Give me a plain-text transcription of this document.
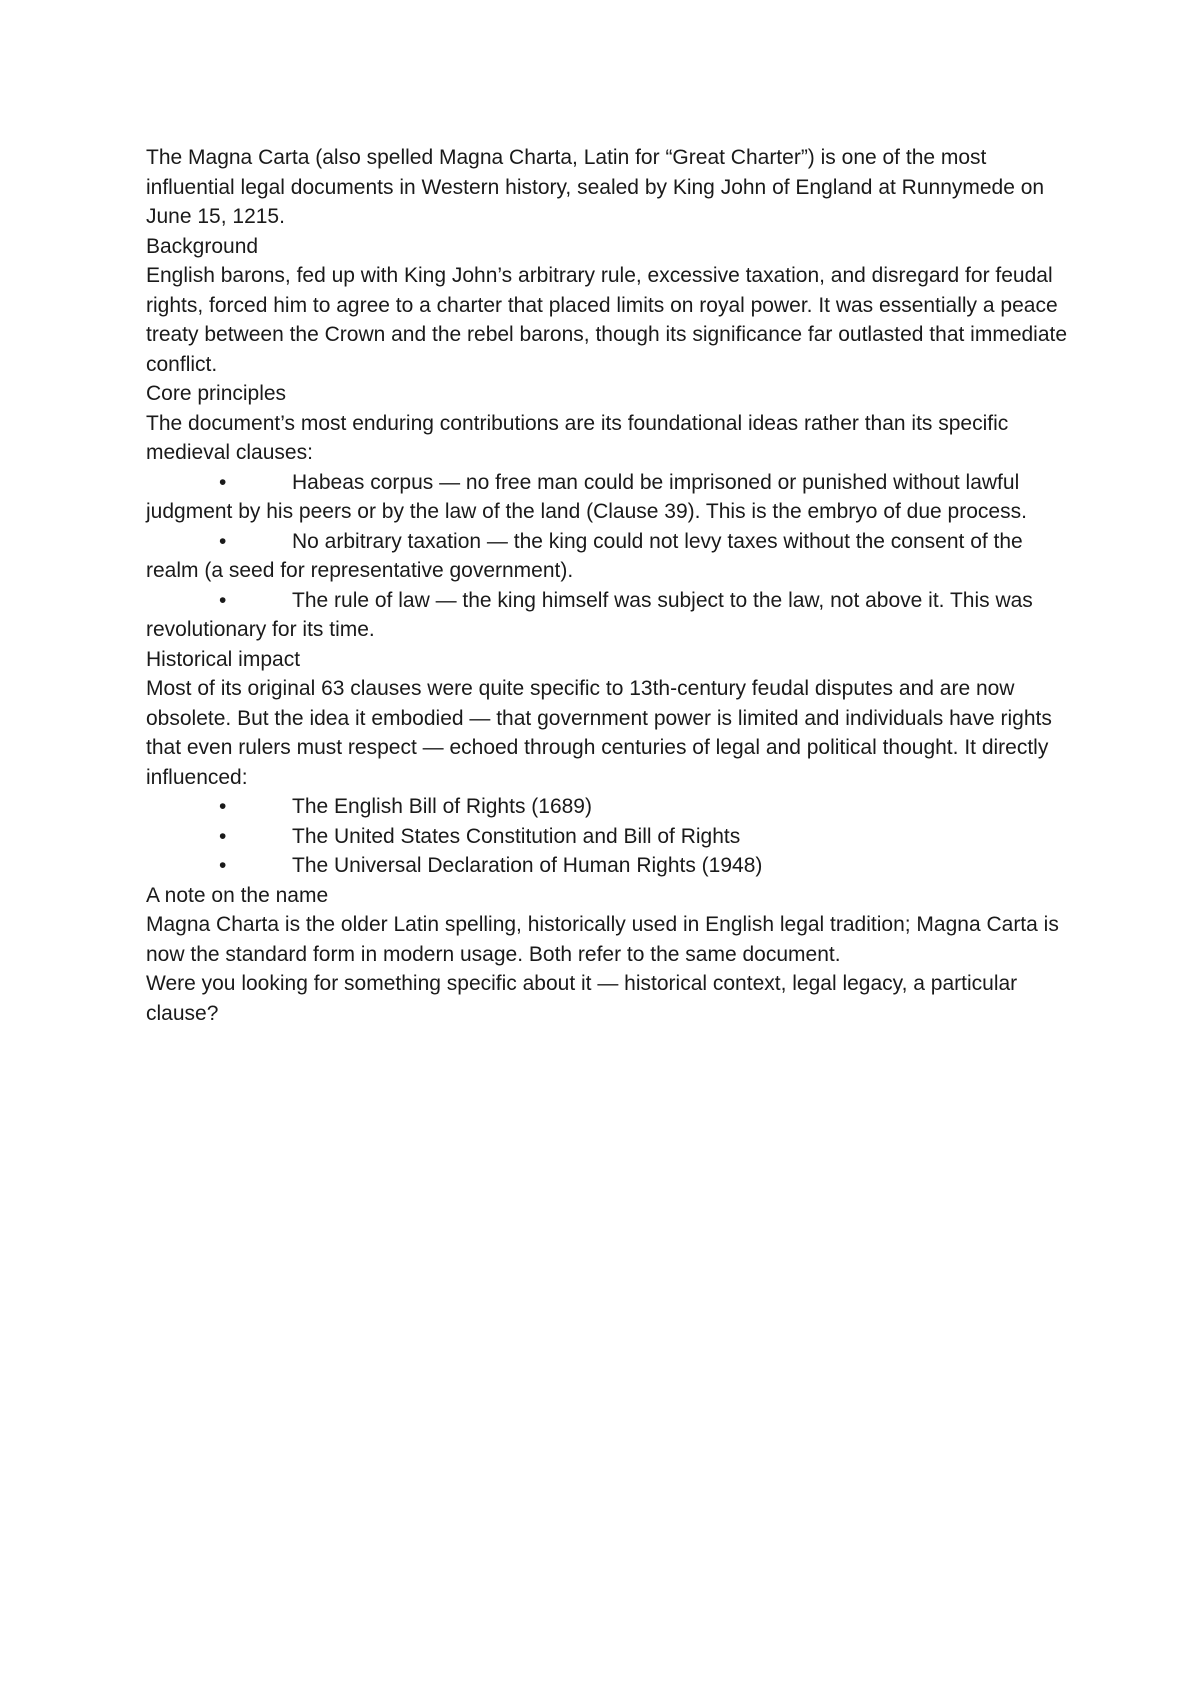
The Magna Carta (also spelled Magna Charta, Latin for “Great Charter”) is one of the most influential legal documents in Western history, sealed by King John of England at Runnymede on June 15, 1215.

Background

English barons, fed up with King John’s arbitrary rule, excessive taxation, and disregard for feudal rights, forced him to agree to a charter that placed limits on royal power. It was essentially a peace treaty between the Crown and the rebel barons, though its significance far outlasted that immediate conflict.

Core principles

The document’s most enduring contributions are its foundational ideas rather than its specific medieval clauses:

•	Habeas corpus — no free man could be imprisoned or punished without lawful judgment by his peers or by the law of the land (Clause 39). This is the embryo of due process.
•	No arbitrary taxation — the king could not levy taxes without the consent of the realm (a seed for representative government).
•	The rule of law — the king himself was subject to the law, not above it. This was revolutionary for its time.

Historical impact

Most of its original 63 clauses were quite specific to 13th-century feudal disputes and are now obsolete. But the idea it embodied — that government power is limited and individuals have rights that even rulers must respect — echoed through centuries of legal and political thought. It directly influenced:

•	The English Bill of Rights (1689)
•	The United States Constitution and Bill of Rights
•	The Universal Declaration of Human Rights (1948)

A note on the name

Magna Charta is the older Latin spelling, historically used in English legal tradition; Magna Carta is now the standard form in modern usage. Both refer to the same document.

Were you looking for something specific about it — historical context, legal legacy, a particular clause?
